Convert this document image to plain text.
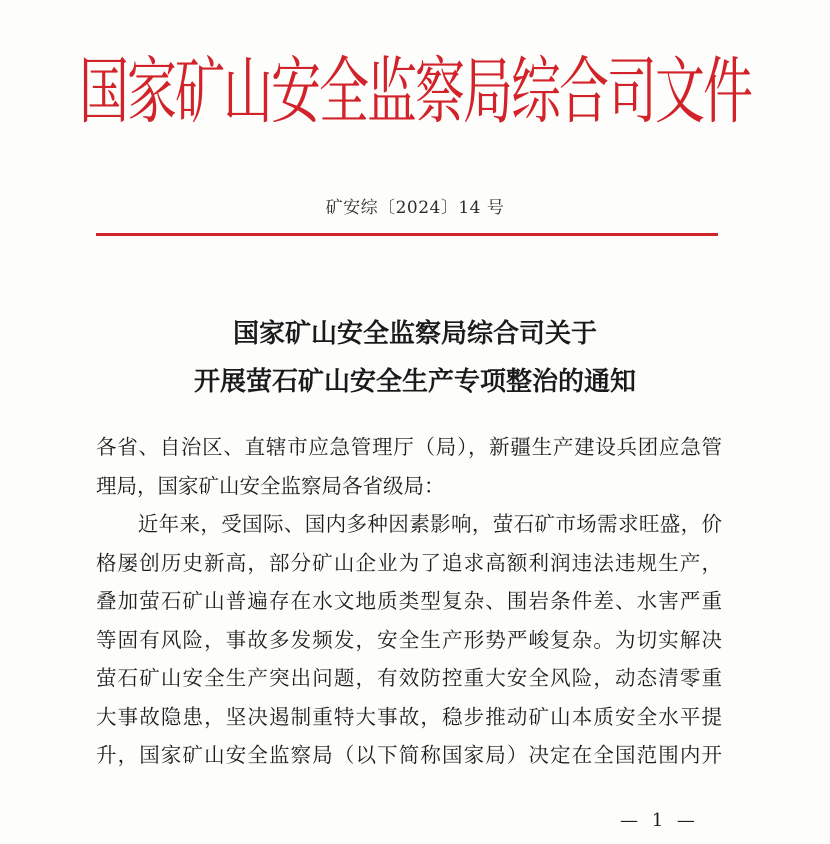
国家矿山安全监察局综合司文件
矿安综〔2024〕14 号
国家矿山安全监察局综合司关于
开展萤石矿山安全生产专项整治的通知
各省、自治区、直辖市应急管理厅（局），新疆生产建设兵团应急管
理局，国家矿山安全监察局各省级局：
　　近年来，受国际、国内多种因素影响，萤石矿市场需求旺盛，价
格屡创历史新高，部分矿山企业为了追求高额利润违法违规生产，
叠加萤石矿山普遍存在水文地质类型复杂、围岩条件差、水害严重
等固有风险，事故多发频发，安全生产形势严峻复杂。为切实解决
萤石矿山安全生产突出问题，有效防控重大安全风险，动态清零重
大事故隐患，坚决遏制重特大事故，稳步推动矿山本质安全水平提
升，国家矿山安全监察局（以下简称国家局）决定在全国范围内开
— 1 —
